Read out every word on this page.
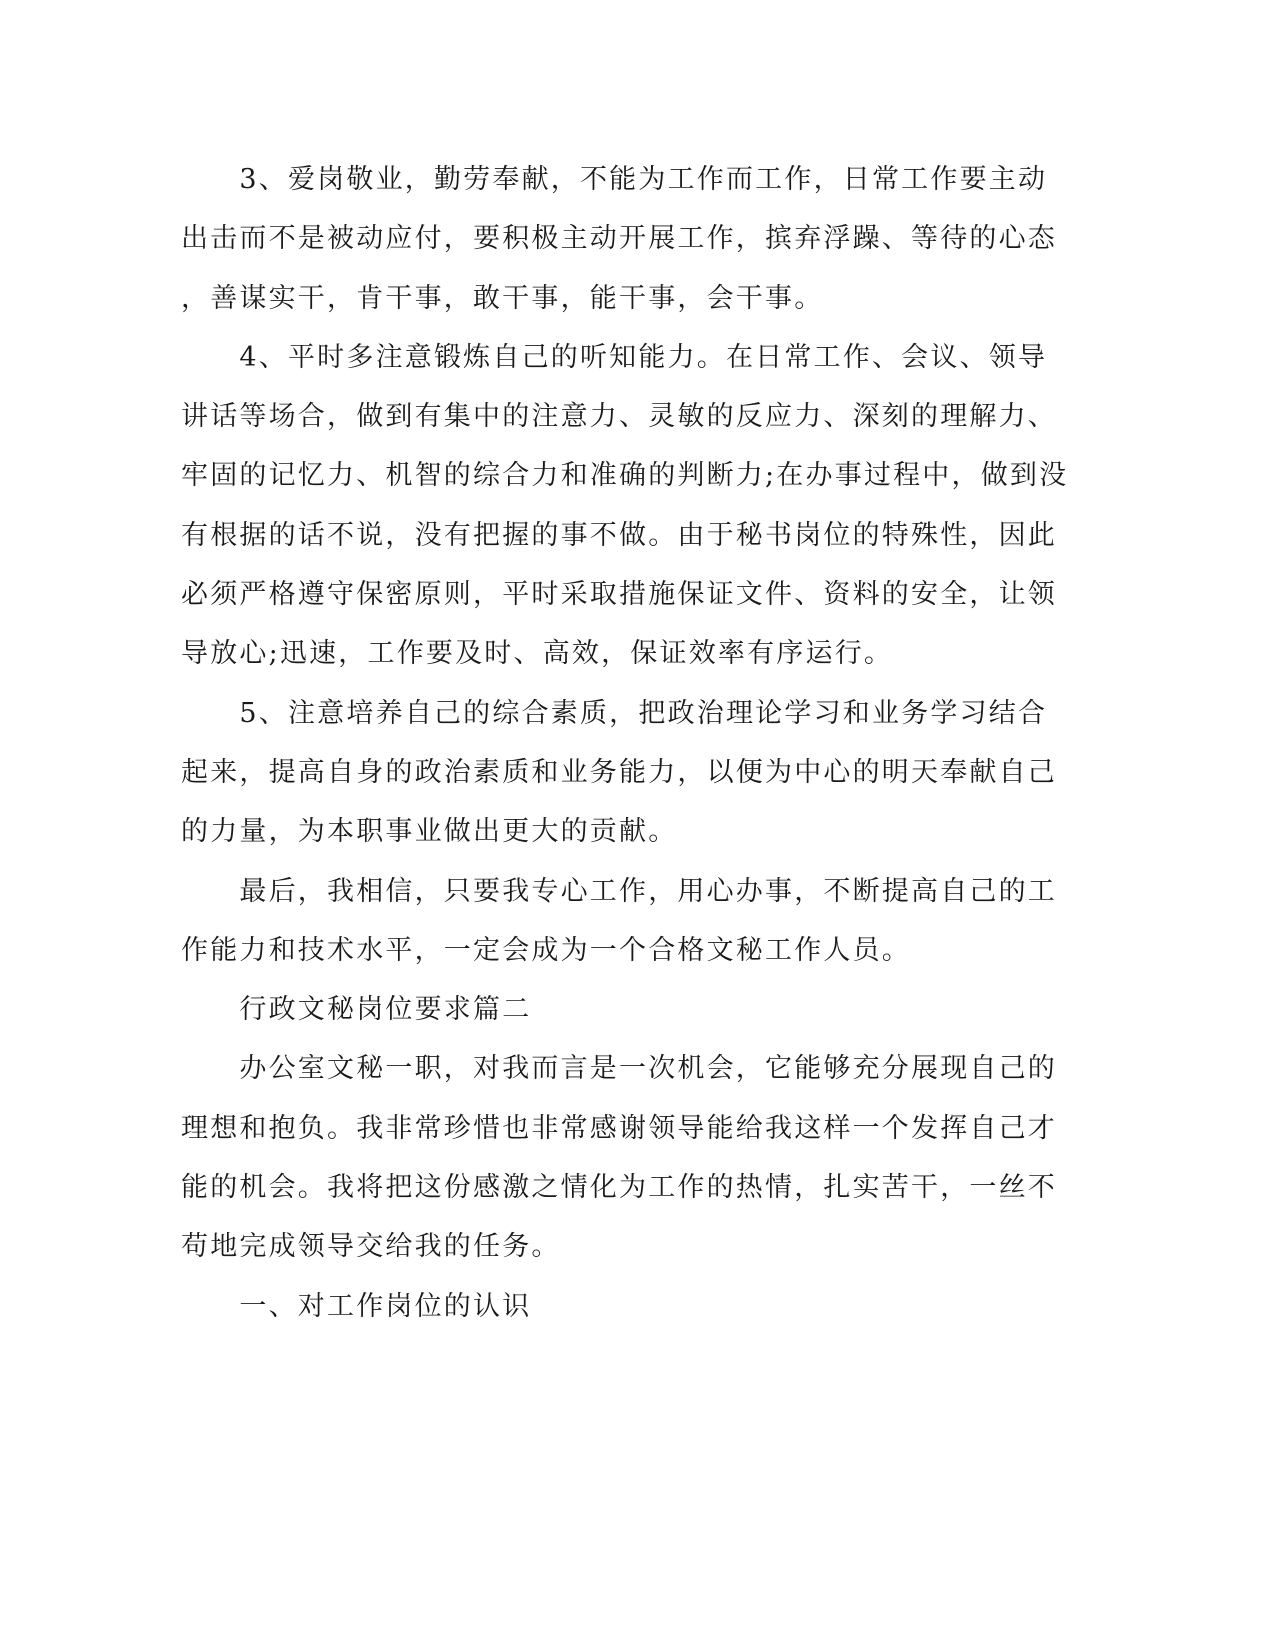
　　3、爱岗敬业，勤劳奉献，不能为工作而工作，日常工作要主动
出击而不是被动应付，要积极主动开展工作，摈弃浮躁、等待的心态
，善谋实干，肯干事，敢干事，能干事，会干事。
　　4、平时多注意锻炼自己的听知能力。在日常工作、会议、领导
讲话等场合，做到有集中的注意力、灵敏的反应力、深刻的理解力、
牢固的记忆力、机智的综合力和准确的判断力;在办事过程中，做到没
有根据的话不说，没有把握的事不做。由于秘书岗位的特殊性，因此
必须严格遵守保密原则，平时采取措施保证文件、资料的安全，让领
导放心;迅速，工作要及时、高效，保证效率有序运行。
　　5、注意培养自己的综合素质，把政治理论学习和业务学习结合
起来，提高自身的政治素质和业务能力，以便为中心的明天奉献自己
的力量，为本职事业做出更大的贡献。
　　最后，我相信，只要我专心工作，用心办事，不断提高自己的工
作能力和技术水平，一定会成为一个合格文秘工作人员。
　　行政文秘岗位要求篇二
　　办公室文秘一职，对我而言是一次机会，它能够充分展现自己的
理想和抱负。我非常珍惜也非常感谢领导能给我这样一个发挥自己才
能的机会。我将把这份感激之情化为工作的热情，扎实苦干，一丝不
苟地完成领导交给我的任务。
　　一、对工作岗位的认识
